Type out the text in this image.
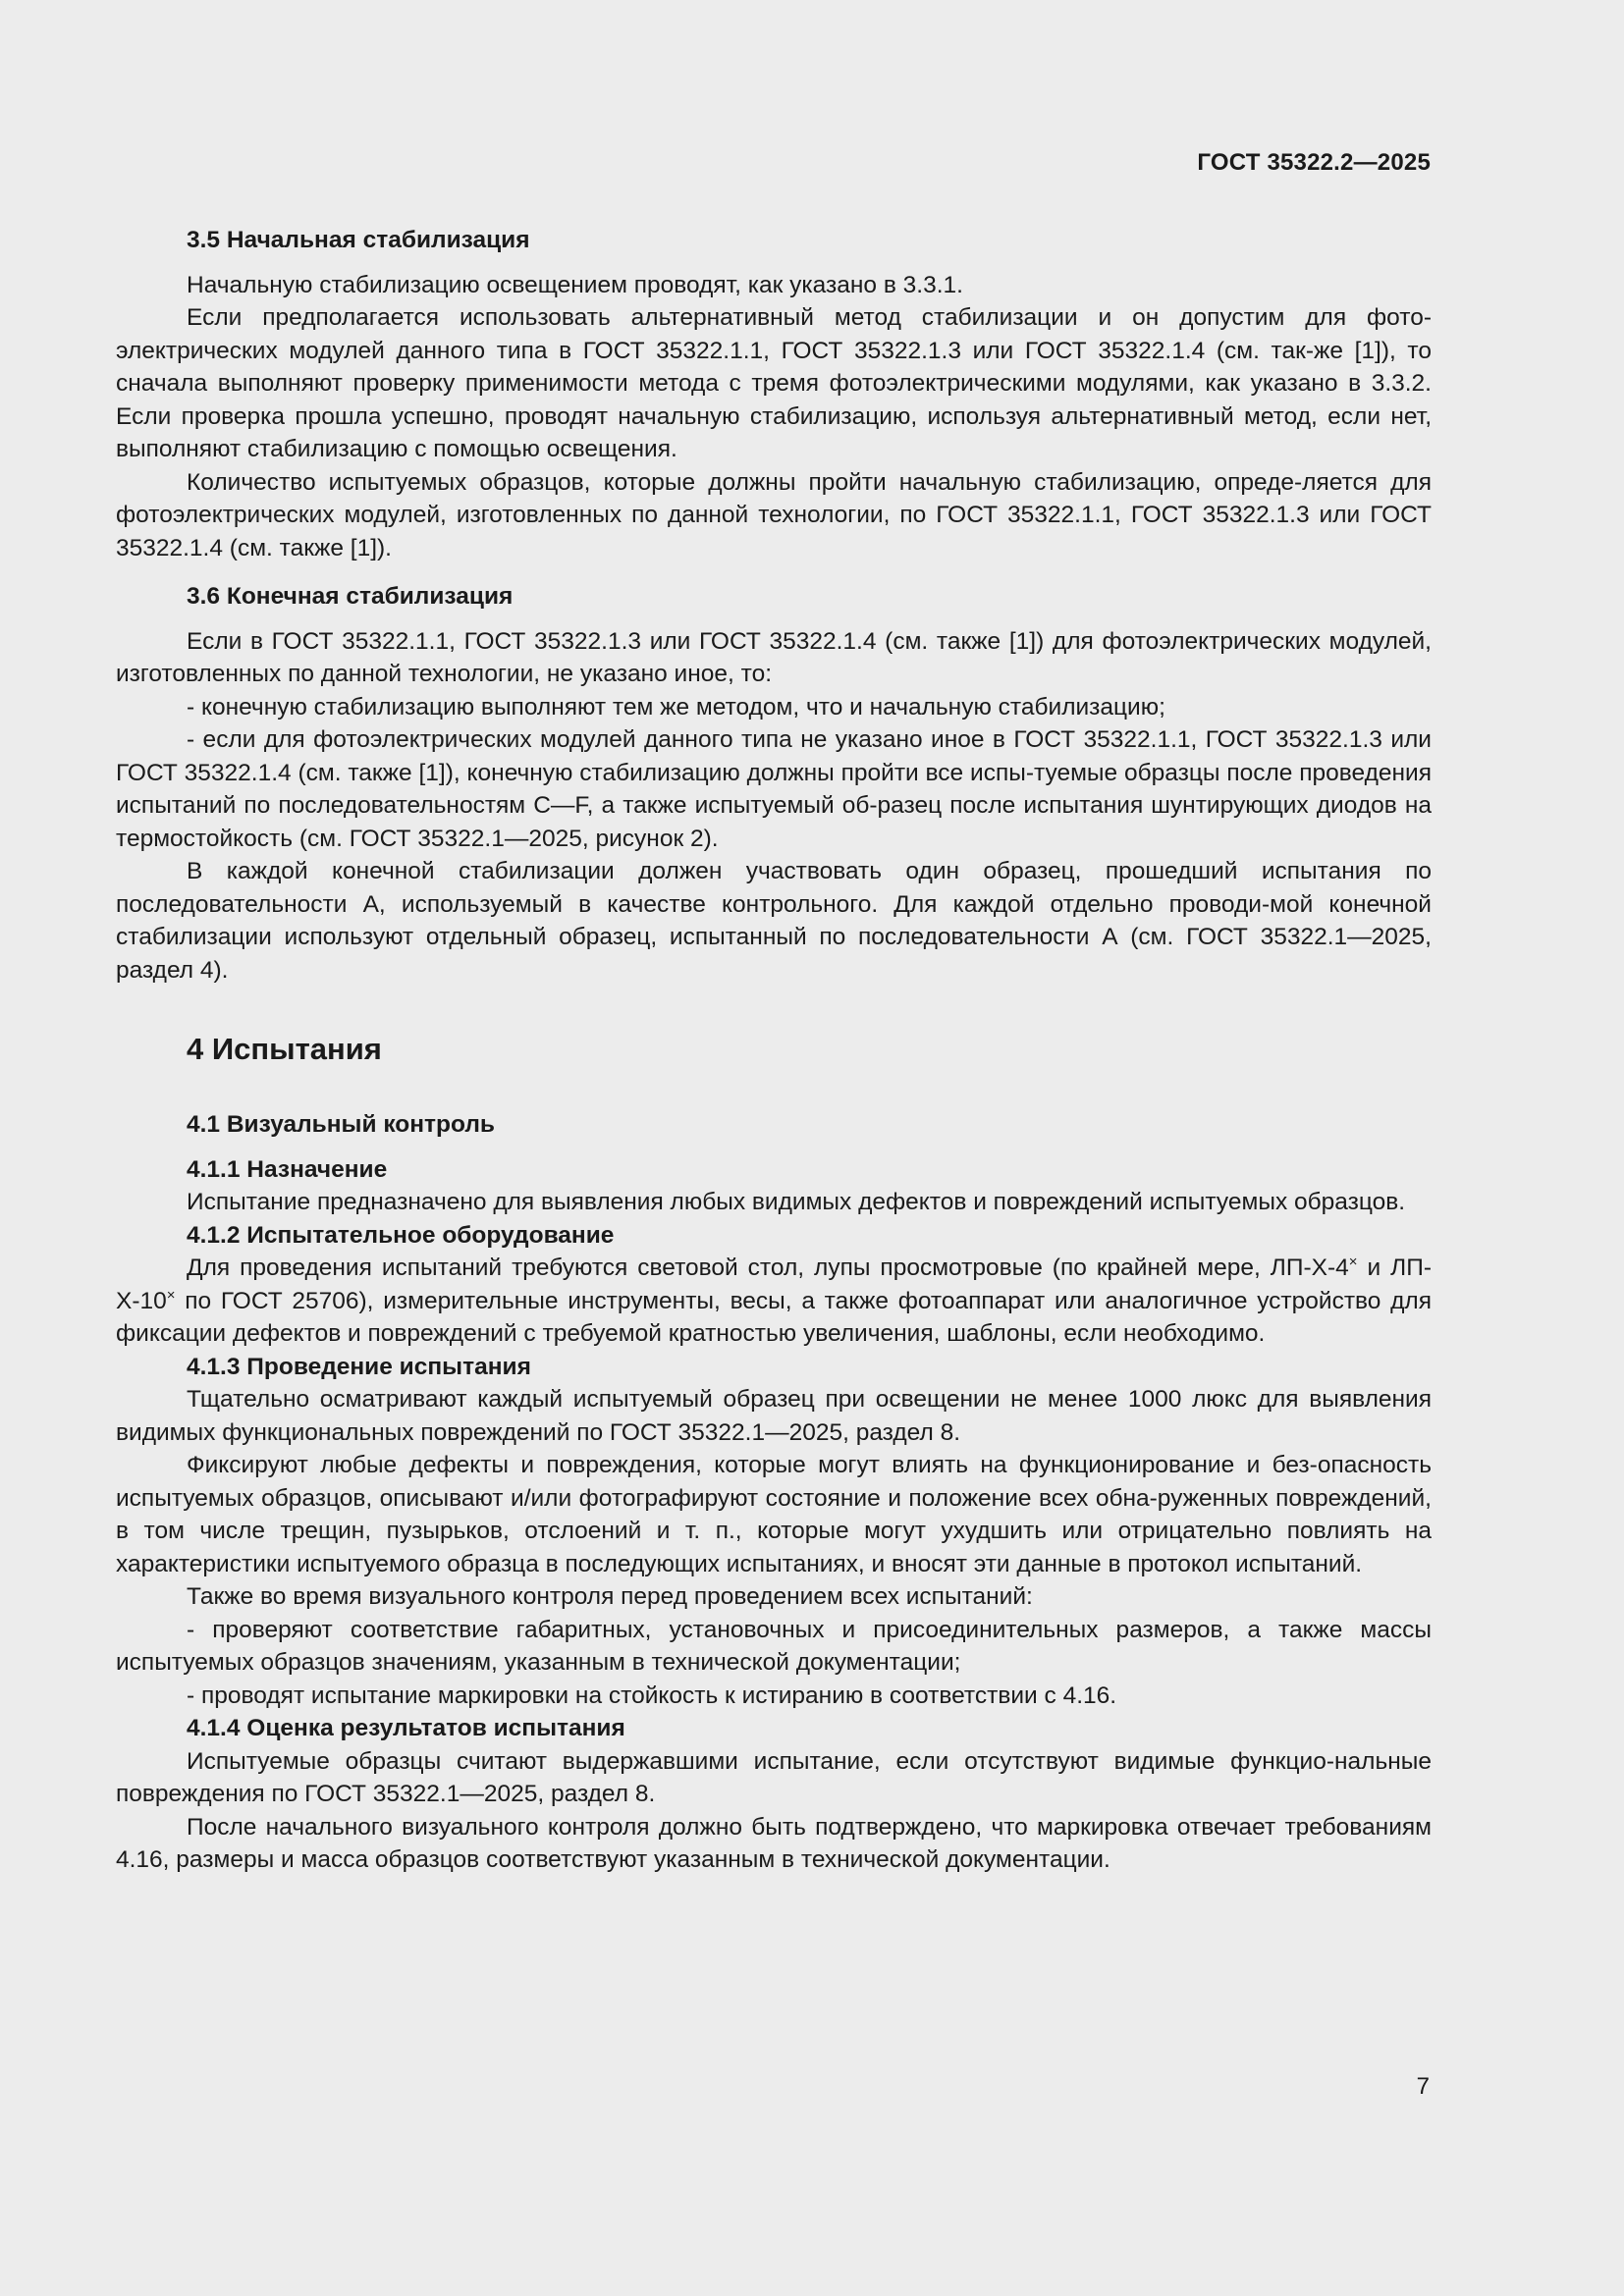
ГОСТ 35322.2—2025
3.5 Начальная стабилизация

Начальную стабилизацию освещением проводят, как указано в 3.3.1.

Если предполагается использовать альтернативный метод стабилизации и он допустим для фото-электрических модулей данного типа в ГОСТ 35322.1.1, ГОСТ 35322.1.3 или ГОСТ 35322.1.4 (см. так-же [1]), то сначала выполняют проверку применимости метода с тремя фотоэлектрическими модулями, как указано в 3.3.2. Если проверка прошла успешно, проводят начальную стабилизацию, используя альтернативный метод, если нет, выполняют стабилизацию с помощью освещения.

Количество испытуемых образцов, которые должны пройти начальную стабилизацию, опреде-ляется для фотоэлектрических модулей, изготовленных по данной технологии, по ГОСТ 35322.1.1, ГОСТ 35322.1.3 или ГОСТ 35322.1.4 (см. также [1]).

3.6 Конечная стабилизация

Если в ГОСТ 35322.1.1, ГОСТ 35322.1.3 или ГОСТ 35322.1.4 (см. также [1]) для фотоэлектрических модулей, изготовленных по данной технологии, не указано иное, то:

- конечную стабилизацию выполняют тем же методом, что и начальную стабилизацию;

- если для фотоэлектрических модулей данного типа не указано иное в ГОСТ 35322.1.1, ГОСТ 35322.1.3 или ГОСТ 35322.1.4 (см. также [1]), конечную стабилизацию должны пройти все испы-туемые образцы после проведения испытаний по последовательностям С—F, а также испытуемый об-разец после испытания шунтирующих диодов на термостойкость (см. ГОСТ 35322.1—2025, рисунок 2).

В каждой конечной стабилизации должен участвовать один образец, прошедший испытания по последовательности А, используемый в качестве контрольного. Для каждой отдельно проводи-мой конечной стабилизации используют отдельный образец, испытанный по последовательности А (см. ГОСТ 35322.1—2025, раздел 4).

4 Испытания
4.1 Визуальный контроль
4.1.1 Назначение

Испытание предназначено для выявления любых видимых дефектов и повреждений испытуемых образцов.

4.1.2 Испытательное оборудование

Для проведения испытаний требуются световой стол, лупы просмотровые (по крайней мере, ЛП-Х-4× и ЛП-Х-10× по ГОСТ 25706), измерительные инструменты, весы, а также фотоаппарат или аналогичное устройство для фиксации дефектов и повреждений с требуемой кратностью увеличения, шаблоны, если необходимо.

4.1.3 Проведение испытания

Тщательно осматривают каждый испытуемый образец при освещении не менее 1000 люкс для выявления видимых функциональных повреждений по ГОСТ 35322.1—2025, раздел 8.

Фиксируют любые дефекты и повреждения, которые могут влиять на функционирование и без-опасность испытуемых образцов, описывают и/или фотографируют состояние и положение всех обна-руженных повреждений, в том числе трещин, пузырьков, отслоений и т. п., которые могут ухудшить или отрицательно повлиять на характеристики испытуемого образца в последующих испытаниях, и вносят эти данные в протокол испытаний.

Также во время визуального контроля перед проведением всех испытаний:

- проверяют соответствие габаритных, установочных и присоединительных размеров, а также массы испытуемых образцов значениям, указанным в технической документации;

- проводят испытание маркировки на стойкость к истиранию в соответствии с 4.16.

4.1.4 Оценка результатов испытания

Испытуемые образцы считают выдержавшими испытание, если отсутствуют видимые функцио-нальные повреждения по ГОСТ 35322.1—2025, раздел 8.

После начального визуального контроля должно быть подтверждено, что маркировка отвечает требованиям 4.16, размеры и масса образцов соответствуют указанным в технической документации.

7
